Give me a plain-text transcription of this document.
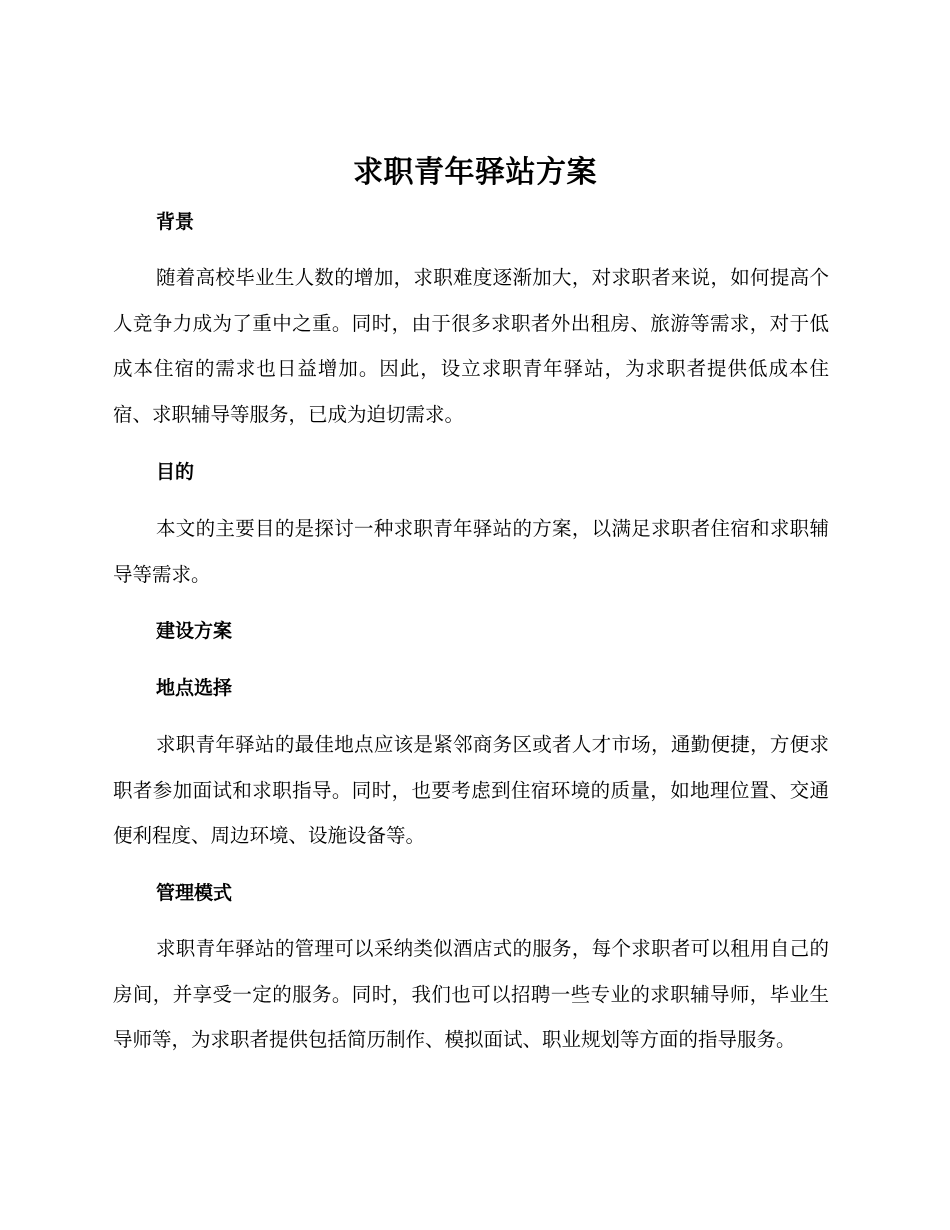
求职青年驿站方案
背景

随着高校毕业生人数的增加，求职难度逐渐加大，对求职者来说，如何提高个人竞争力成为了重中之重。同时，由于很多求职者外出租房、旅游等需求，对于低成本住宿的需求也日益增加。因此，设立求职青年驿站，为求职者提供低成本住宿、求职辅导等服务，已成为迫切需求。

目的

本文的主要目的是探讨一种求职青年驿站的方案，以满足求职者住宿和求职辅导等需求。

建设方案
地点选择

求职青年驿站的最佳地点应该是紧邻商务区或者人才市场，通勤便捷，方便求职者参加面试和求职指导。同时，也要考虑到住宿环境的质量，如地理位置、交通便利程度、周边环境、设施设备等。

管理模式

求职青年驿站的管理可以采纳类似酒店式的服务，每个求职者可以租用自己的房间，并享受一定的服务。同时，我们也可以招聘一些专业的求职辅导师，毕业生导师等，为求职者提供包括简历制作、模拟面试、职业规划等方面的指导服务。
